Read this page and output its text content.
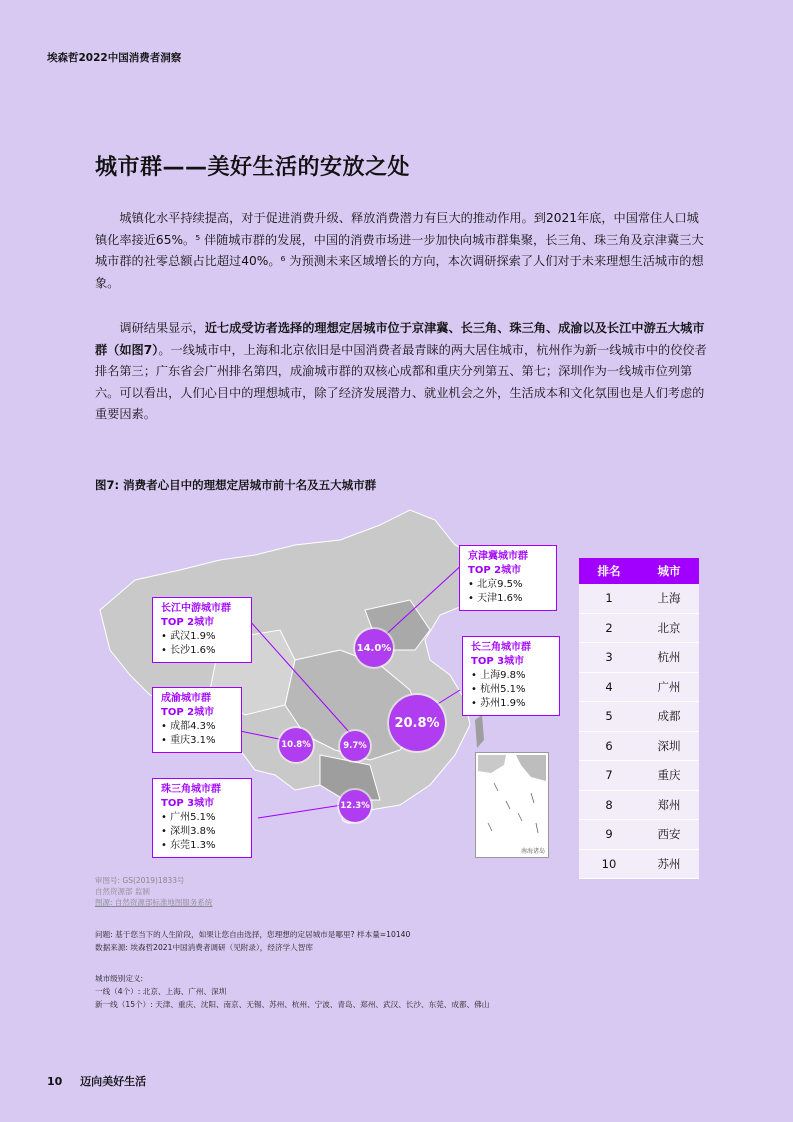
埃森哲2022中国消费者洞察
城市群——美好生活的安放之处

城镇化水平持续提高，对于促进消费升级、释放消费潜力有巨大的推动作用。到2021年底，中国常住人口城镇化率接近65%。⁵ 伴随城市群的发展，中国的消费市场进一步加快向城市群集聚，长三角、珠三角及京津冀三大城市群的社零总额占比超过40%。⁶ 为预测未来区域增长的方向，本次调研探索了人们对于未来理想生活城市的想象。

调研结果显示，近七成受访者选择的理想定居城市位于京津冀、长三角、珠三角、成渝以及长江中游五大城市群（如图7）。一线城市中，上海和北京依旧是中国消费者最青睐的两大居住城市，杭州作为新一线城市中的佼佼者排名第三；广东省会广州排名第四，成渝城市群的双核心成都和重庆分列第五、第七；深圳作为一线城市位列第六。可以看出，人们心目中的理想城市，除了经济发展潜力、就业机会之外，生活成本和文化氛围也是人们考虑的重要因素。

图7: 消费者心目中的理想定居城市前十名及五大城市群
京津冀城市群
TOP 2城市
• 北京9.5%
• 天津1.6%
长江中游城市群
TOP 2城市
• 武汉1.9%
• 长沙1.6%	长三角城市群
TOP 3城市
• 上海9.8%
• 杭州5.1%
• 苏州1.9%
成渝城市群
TOP 2城市
• 成都4.3%
• 重庆3.1%
珠三角城市群
TOP 3城市
• 广州5.1%
• 深圳3.8%
• 东莞1.3%
14.0%
20.8%
9.7%
10.8%
12.3%
南海诸岛
排名	城市
1	上海
2	北京
3	杭州
4	广州
5	成都
6	深圳
7	重庆
8	郑州
9	西安
10	苏州
审图号: GS(2019)1833号
自然资源部 监制
图源: 自然资源部标准地图服务系统
问题: 基于您当下的人生阶段，如果让您自由选择，您理想的定居城市是哪里? 样本量=10140
数据来源: 埃森哲2021中国消费者调研（见附录），经济学人智库
城市级别定义:
一线（4个）: 北京、上海、广州、深圳
新一线（15个）: 天津、重庆、沈阳、南京、无锡、苏州、杭州、宁波、青岛、郑州、武汉、长沙、东莞、成都、佛山
10 迈向美好生活
